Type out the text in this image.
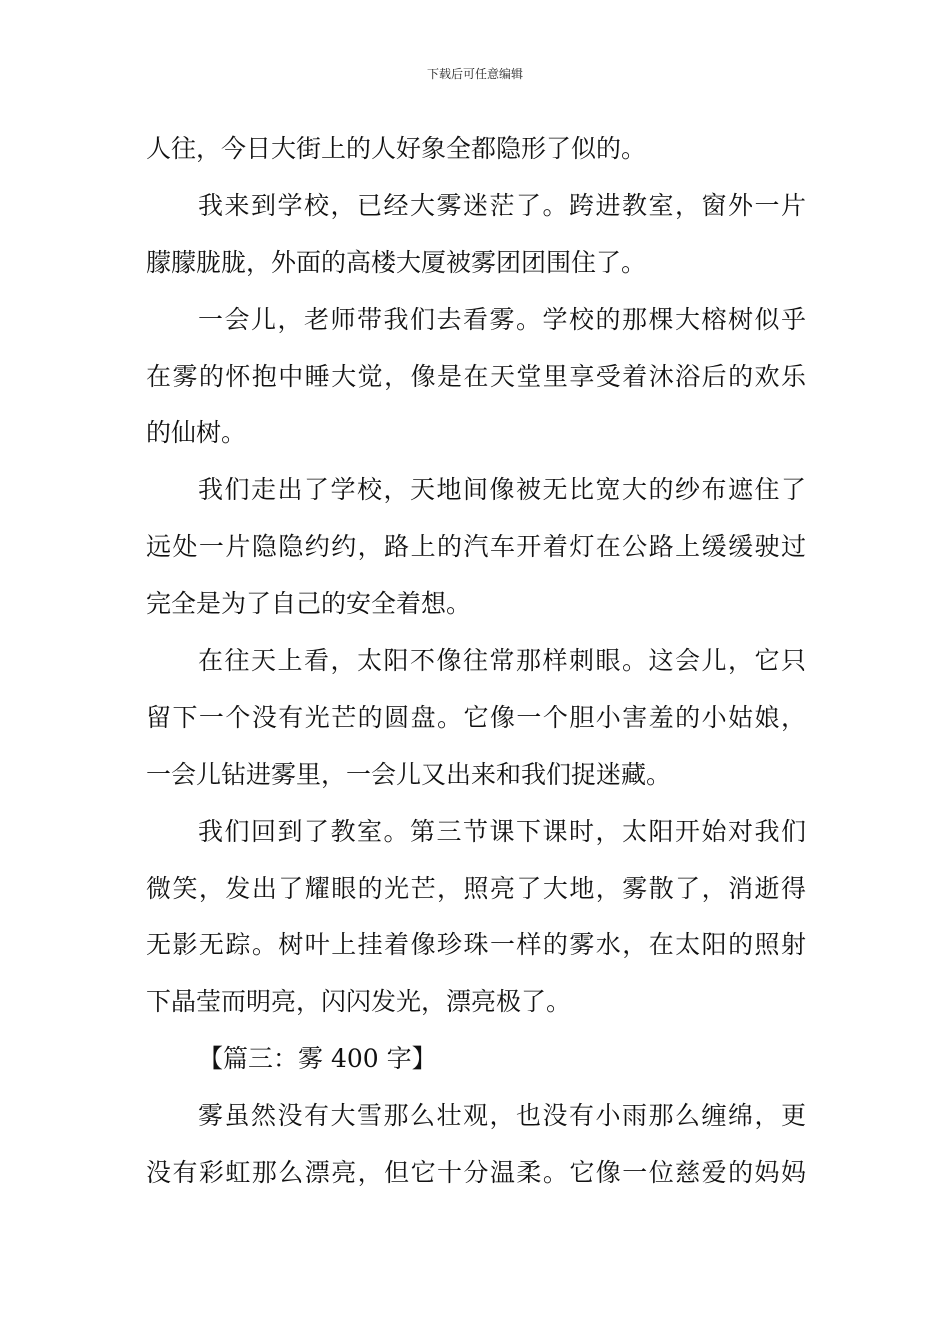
下载后可任意编辑
人往，今日大街上的人好象全都隐形了似的。
我来到学校，已经大雾迷茫了。跨进教室，窗外一片
朦朦胧胧，外面的高楼大厦被雾团团围住了。
一会儿，老师带我们去看雾。学校的那棵大榕树似乎
在雾的怀抱中睡大觉，像是在天堂里享受着沐浴后的欢乐
的仙树。
我们走出了学校，天地间像被无比宽大的纱布遮住了
远处一片隐隐约约，路上的汽车开着灯在公路上缓缓驶过
完全是为了自己的安全着想。
在往天上看，太阳不像往常那样刺眼。这会儿，它只
留下一个没有光芒的圆盘。它像一个胆小害羞的小姑娘，
一会儿钻进雾里，一会儿又出来和我们捉迷藏。
我们回到了教室。第三节课下课时，太阳开始对我们
微笑，发出了耀眼的光芒，照亮了大地，雾散了，消逝得
无影无踪。树叶上挂着像珍珠一样的雾水，在太阳的照射
下晶莹而明亮，闪闪发光，漂亮极了。
【篇三：雾 400 字】
雾虽然没有大雪那么壮观，也没有小雨那么缠绵，更
没有彩虹那么漂亮，但它十分温柔。它像一位慈爱的妈妈
